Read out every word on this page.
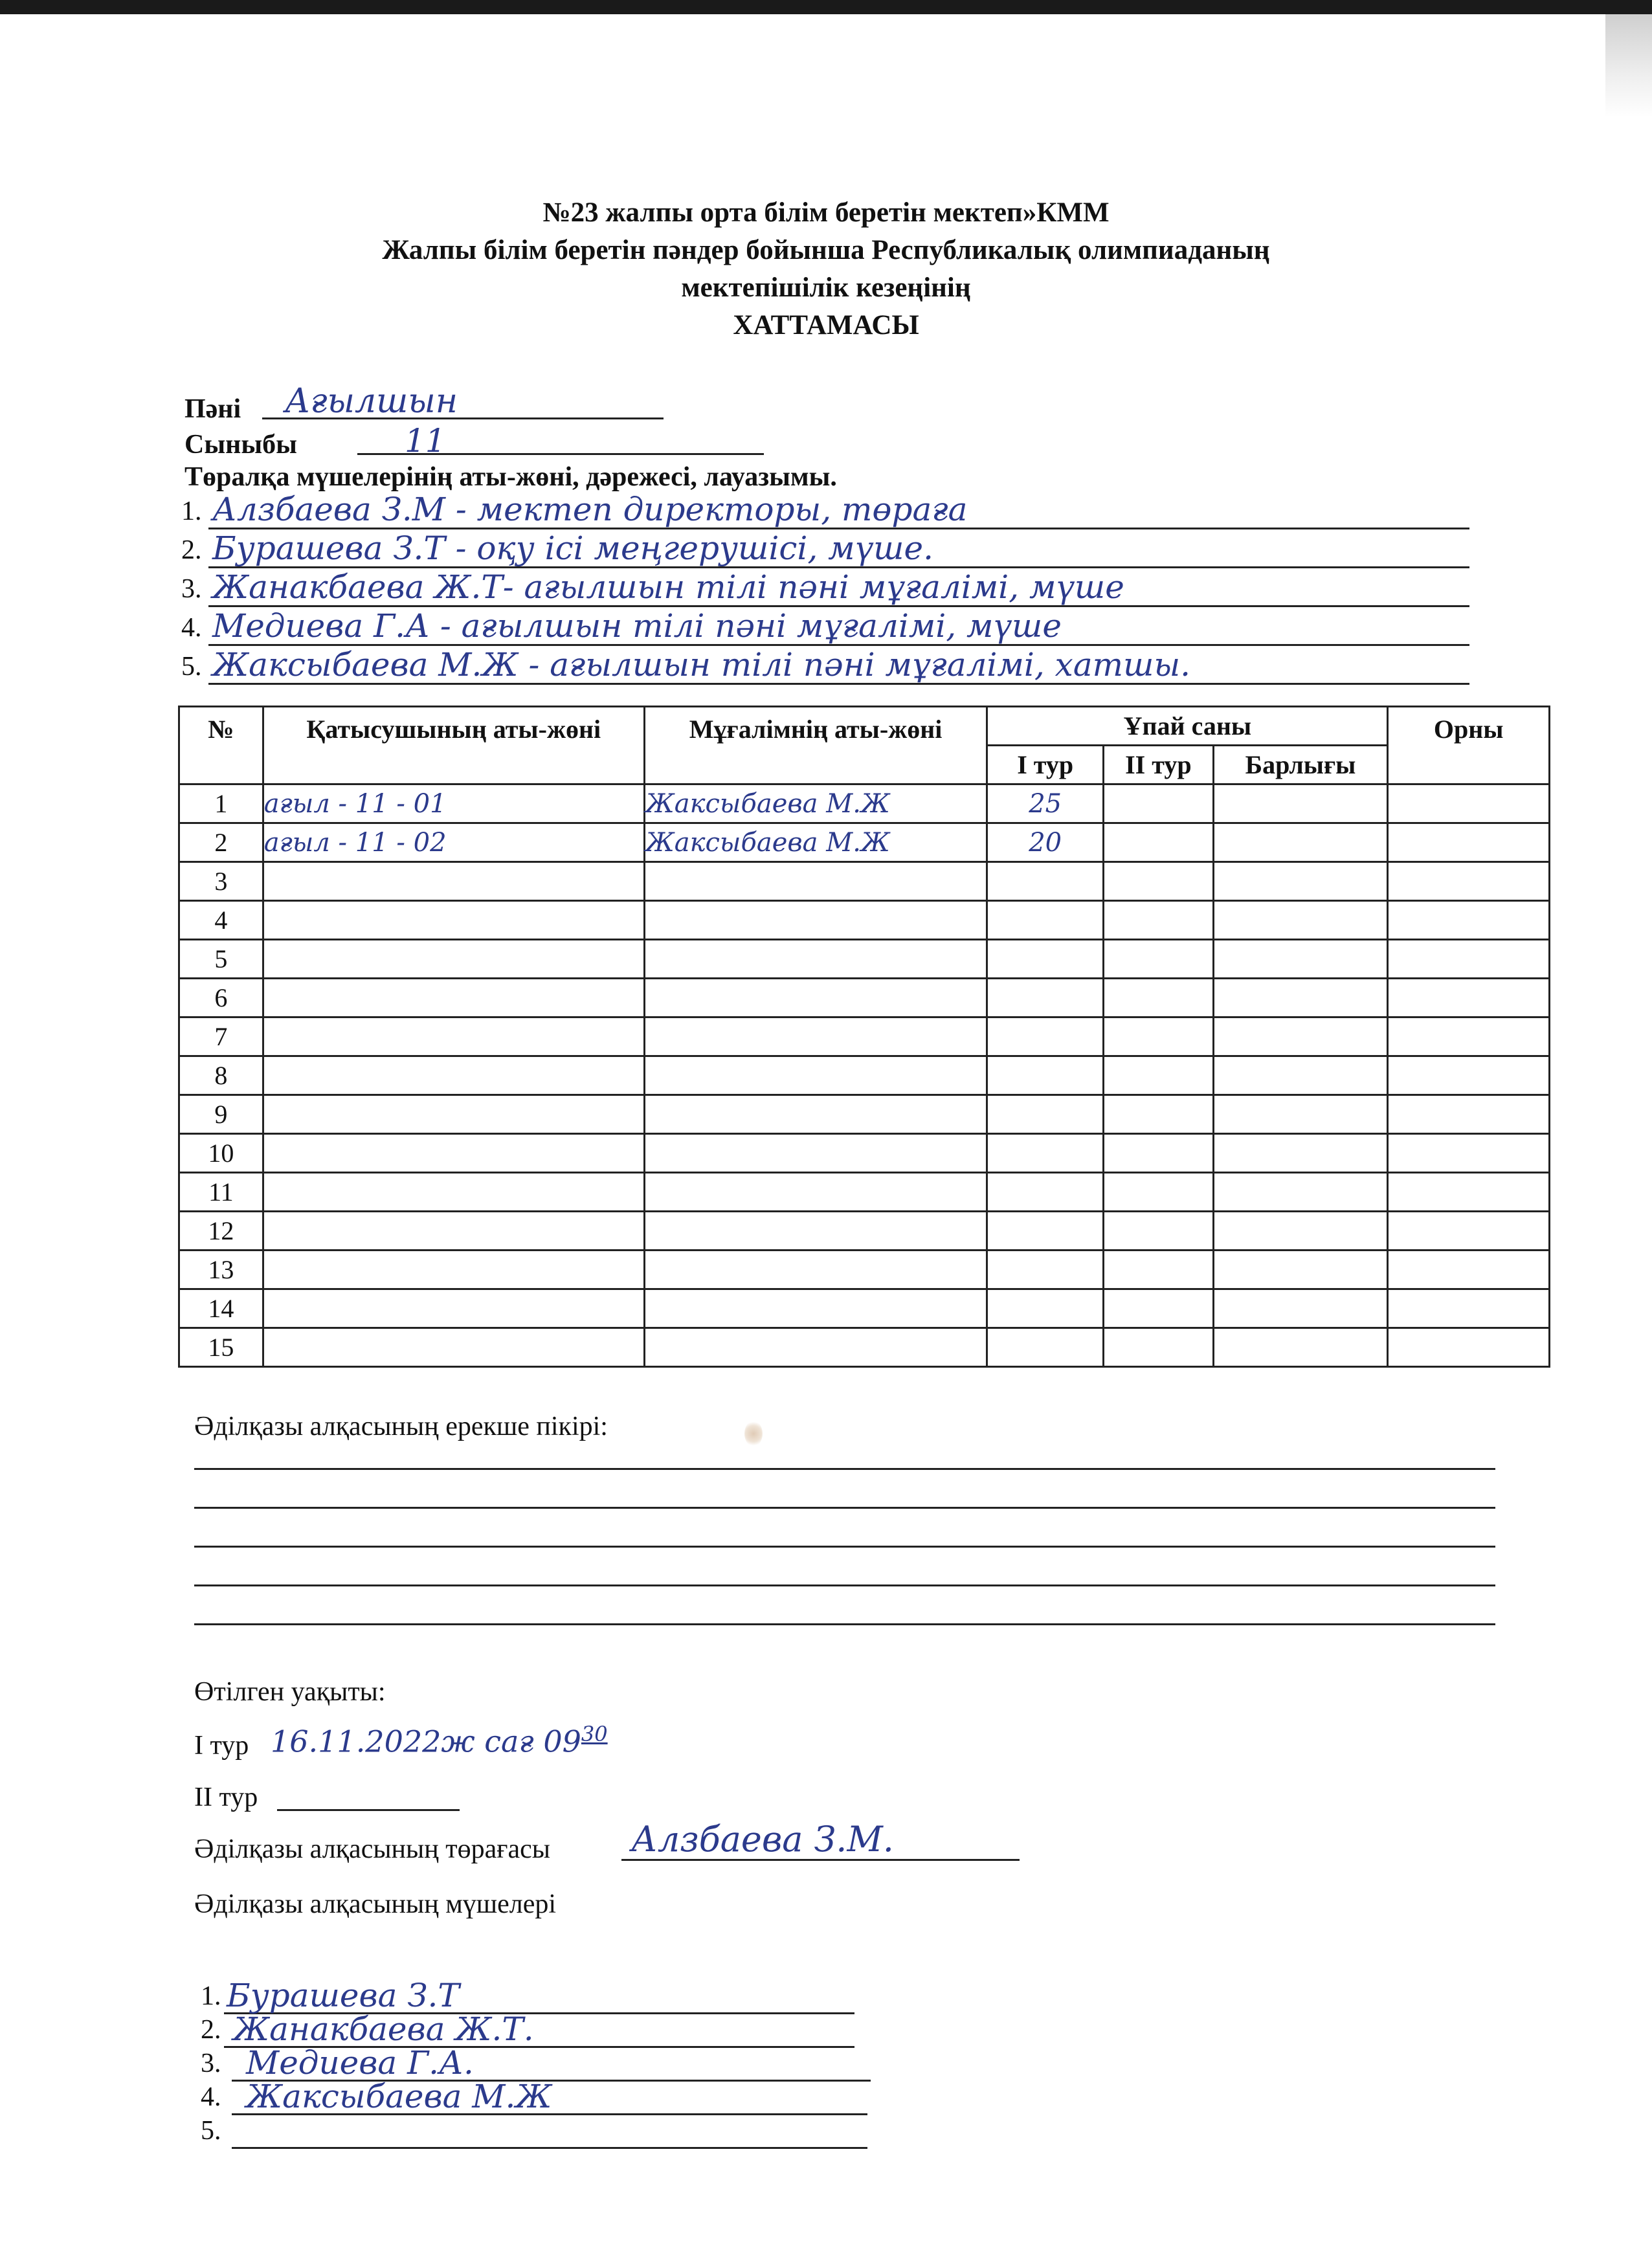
№23 жалпы орта білім беретін мектеп»КММ
Жалпы білім беретін пәндер бойынша Республикалық олимпиаданың
мектепішілік кезеңінің
ХАТТАМАСЫ
Пәні Ағылшын
Сыныбы	11
Төралқа мүшелерінің аты-жөні, дәрежесі, лауазымы.
1. Алзбаева З.М - мектеп директоры, төраға
2. Бурашева З.Т - оқу ісі меңгерушісі, мүше.
3. Жанакбаева Ж.Т- ағылшын тілі пәні мұғалімі, мүше
4. Медиева Г.А - ағылшын тілі пәні мұғалімі, мүше
5. Жаксыбаева М.Ж - ағылшын тілі пәні мұғалімі, хатшы.
№	Қатысушының аты-жөні	Мұғалімнің аты-жөні	Ұпай саны			Орны
			І тур	ІІ тур	Барлығы	
1	ағыл - 11 - 01	Жаксыбаева М.Ж	25			
2	ағыл - 11 - 02	Жаксыбаева М.Ж	20			
3						
4						
5						
6						
7						
8						
9						
10						
11						
12						
13						
14						
15						
Әділқазы алқасының ерекше пікірі:
Өтілген уақыты:
І тур 16.11.2022ж сағ $09^{30}$
ІІ тур
Әділқазы алқасының төрағасы Алзбаева З.М.
Әділқазы алқасының мүшелері
1. Бурашева З.Т
2. Жанакбаева Ж.Т.
3. Медиева Г.А.
4. Жаксыбаева М.Ж
5.
